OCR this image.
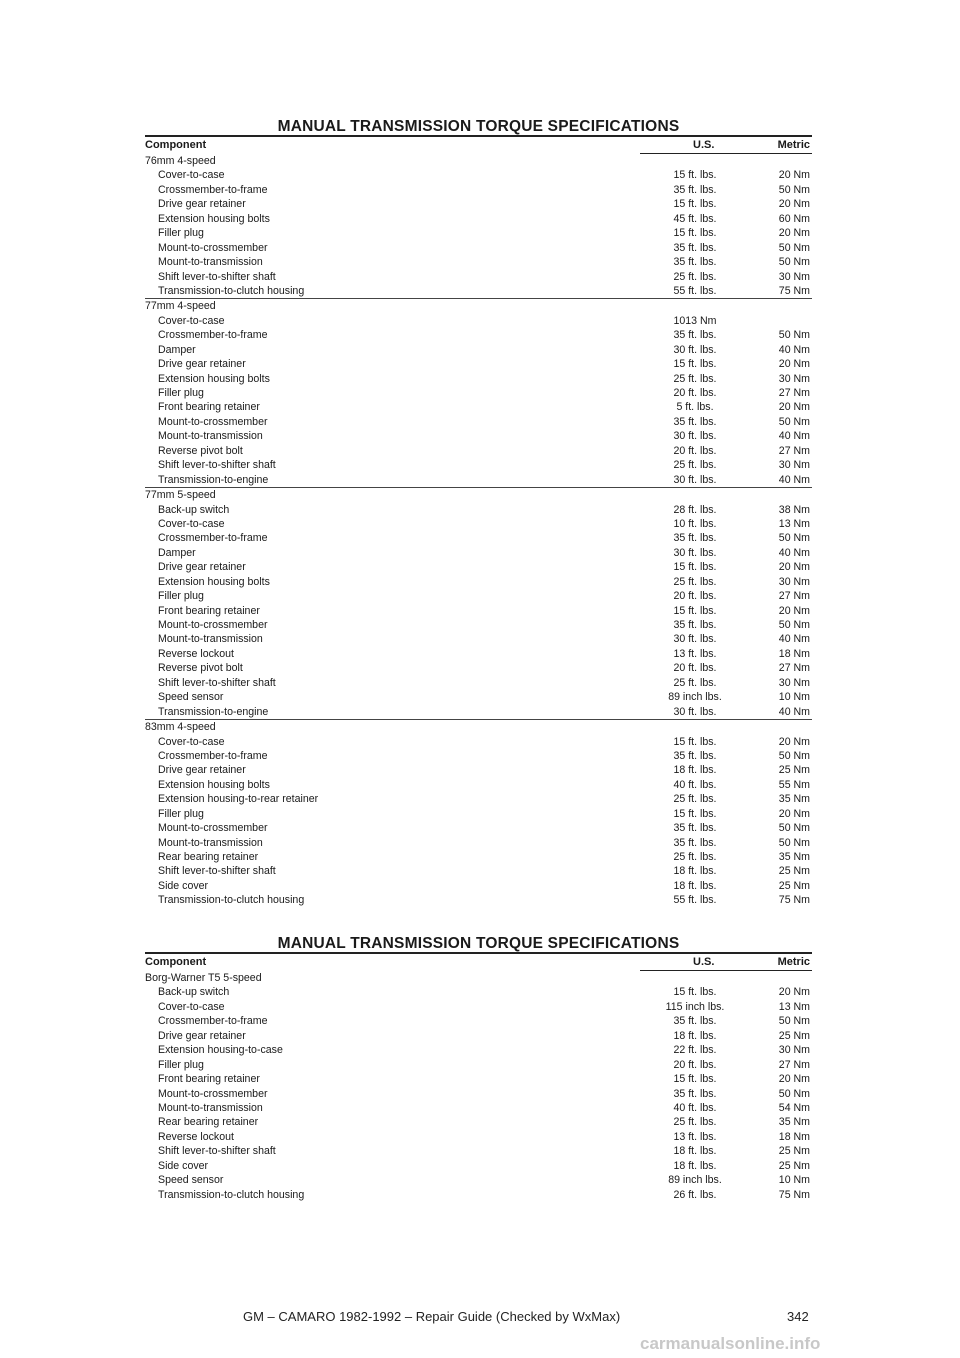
MANUAL TRANSMISSION TORQUE SPECIFICATIONS
Component	U.S.	Metric
76mm 4-speed
Cover-to-case	15 ft. lbs.	20 Nm
Crossmember-to-frame	35 ft. lbs.	50 Nm
Drive gear retainer	15 ft. lbs.	20 Nm
Extension housing bolts	45 ft. lbs.	60 Nm
Filler plug	15 ft. lbs.	20 Nm
Mount-to-crossmember	35 ft. lbs.	50 Nm
Mount-to-transmission	35 ft. lbs.	50 Nm
Shift lever-to-shifter shaft	25 ft. lbs.	30 Nm
Transmission-to-clutch housing	55 ft. lbs.	75 Nm
77mm 4-speed
Cover-to-case	1013 Nm
Crossmember-to-frame	35 ft. lbs.	50 Nm
Damper	30 ft. lbs.	40 Nm
Drive gear retainer	15 ft. lbs.	20 Nm
Extension housing bolts	25 ft. lbs.	30 Nm
Filler plug	20 ft. lbs.	27 Nm
Front bearing retainer	5 ft. lbs.	20 Nm
Mount-to-crossmember	35 ft. lbs.	50 Nm
Mount-to-transmission	30 ft. lbs.	40 Nm
Reverse pivot bolt	20 ft. lbs.	27 Nm
Shift lever-to-shifter shaft	25 ft. lbs.	30 Nm
Transmission-to-engine	30 ft. lbs.	40 Nm
77mm 5-speed
Back-up switch	28 ft. lbs.	38 Nm
Cover-to-case	10 ft. lbs.	13 Nm
Crossmember-to-frame	35 ft. lbs.	50 Nm
Damper	30 ft. lbs.	40 Nm
Drive gear retainer	15 ft. lbs.	20 Nm
Extension housing bolts	25 ft. lbs.	30 Nm
Filler plug	20 ft. lbs.	27 Nm
Front bearing retainer	15 ft. lbs.	20 Nm
Mount-to-crossmember	35 ft. lbs.	50 Nm
Mount-to-transmission	30 ft. lbs.	40 Nm
Reverse lockout	13 ft. lbs.	18 Nm
Reverse pivot bolt	20 ft. lbs.	27 Nm
Shift lever-to-shifter shaft	25 ft. lbs.	30 Nm
Speed sensor	89 inch lbs.	10 Nm
Transmission-to-engine	30 ft. lbs.	40 Nm
83mm 4-speed
Cover-to-case	15 ft. lbs.	20 Nm
Crossmember-to-frame	35 ft. lbs.	50 Nm
Drive gear retainer	18 ft. lbs.	25 Nm
Extension housing bolts	40 ft. lbs.	55 Nm
Extension housing-to-rear retainer	25 ft. lbs.	35 Nm
Filler plug	15 ft. lbs.	20 Nm
Mount-to-crossmember	35 ft. lbs.	50 Nm
Mount-to-transmission	35 ft. lbs.	50 Nm
Rear bearing retainer	25 ft. lbs.	35 Nm
Shift lever-to-shifter shaft	18 ft. lbs.	25 Nm
Side cover	18 ft. lbs.	25 Nm
Transmission-to-clutch housing	55 ft. lbs.	75 Nm
MANUAL TRANSMISSION TORQUE SPECIFICATIONS
Component	U.S.	Metric
Borg-Warner T5 5-speed
Back-up switch	15 ft. lbs.	20 Nm
Cover-to-case	115 inch lbs.	13 Nm
Crossmember-to-frame	35 ft. lbs.	50 Nm
Drive gear retainer	18 ft. lbs.	25 Nm
Extension housing-to-case	22 ft. lbs.	30 Nm
Filler plug	20 ft. lbs.	27 Nm
Front bearing retainer	15 ft. lbs.	20 Nm
Mount-to-crossmember	35 ft. lbs.	50 Nm
Mount-to-transmission	40 ft. lbs.	54 Nm
Rear bearing retainer	25 ft. lbs.	35 Nm
Reverse lockout	13 ft. lbs.	18 Nm
Shift lever-to-shifter shaft	18 ft. lbs.	25 Nm
Side cover	18 ft. lbs.	25 Nm
Speed sensor	89 inch lbs.	10 Nm
Transmission-to-clutch housing	26 ft. lbs.	75 Nm
GM – CAMARO 1982-1992 – Repair Guide (Checked by WxMax)	342
carmanualsonline.info
